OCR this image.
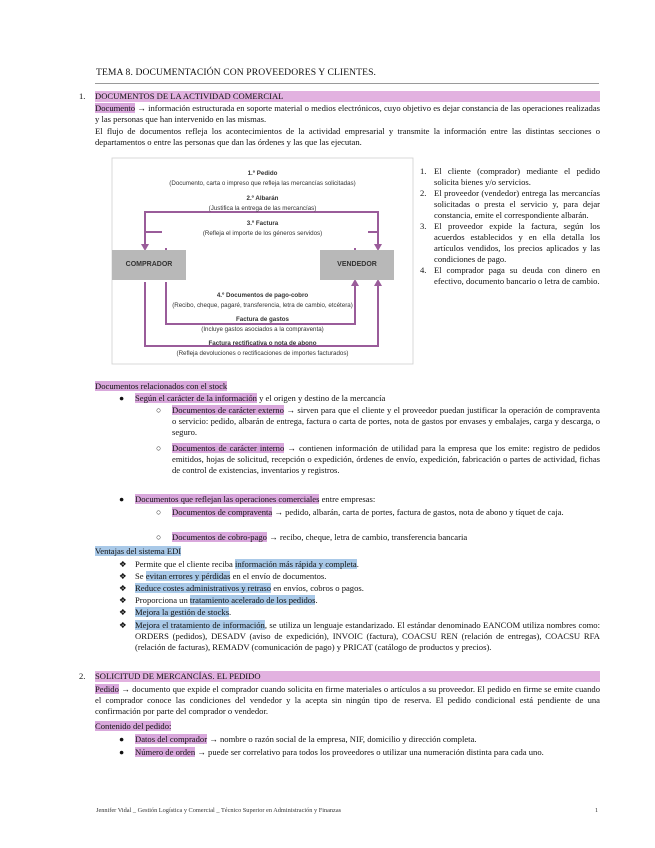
TEMA 8. DOCUMENTACIÓN CON PROVEEDORES Y CLIENTES.
1. DOCUMENTOS DE LA ACTIVIDAD COMERCIAL
Documento → información estructurada en soporte material o medios electrónicos, cuyo objetivo es dejar constancia de las operaciones realizadas y las personas que han intervenido en las mismas.
El flujo de documentos refleja los acontecimientos de la actividad empresarial y transmite la información entre las distintas secciones o departamentos o entre las personas que dan las órdenes y las que las ejecutan.
COMPRADOR	VENDEDOR
1.º Pedido
(Documento, carta o impreso que refleja las mercancías solicitadas)
2.º Albarán
(Justifica la entrega de las mercancías)
3.º Factura
(Refleja el importe de los géneros servidos)
4.º Documentos de pago-cobro
(Recibo, cheque, pagaré, transferencia, letra de cambio, etcétera)
Factura de gastos
(Incluye gastos asociados a la compraventa)
Factura rectificativa o nota de abono
(Refleja devoluciones o rectificaciones de importes facturados)
1. El cliente (comprador) mediante el pedido solicita bienes y/o servicios.
2. El proveedor (vendedor) entrega las mercancías solicitadas o presta el servicio y, para dejar constancia, emite el correspondiente albarán.
3. El proveedor expide la factura, según los acuerdos establecidos y en ella detalla los artículos vendidos, los precios aplicados y las condiciones de pago.
4. El comprador paga su deuda con dinero en efectivo, documento bancario o letra de cambio.
Documentos relacionados con el stock
● Según el carácter de la información y el origen y destino de la mercancía
○ Documentos de carácter externo → sirven para que el cliente y el proveedor puedan justificar la operación de compraventa o servicio: pedido, albarán de entrega, factura o carta de portes, nota de gastos por envases y embalajes, carga y descarga, o seguro.
○ Documentos de carácter interno → contienen información de utilidad para la empresa que los emite: registro de pedidos emitidos, hojas de solicitud, recepción o expedición, órdenes de envío, expedición, fabricación o partes de actividad, fichas de control de existencias, inventarios y registros.
● Documentos que reflejan las operaciones comerciales entre empresas:
○ Documentos de compraventa → pedido, albarán, carta de portes, factura de gastos, nota de abono y tíquet de caja.
○ Documentos de cobro-pago → recibo, cheque, letra de cambio, transferencia bancaria
Ventajas del sistema EDI
❖ Permite que el cliente reciba información más rápida y completa.
❖ Se evitan errores y pérdidas en el envío de documentos.
❖ Reduce costes administrativos y retraso en envíos, cobros o pagos.
❖ Proporciona un tratamiento acelerado de los pedidos.
❖ Mejora la gestión de stocks.
❖ Mejora el tratamiento de información, se utiliza un lenguaje estandarizado. El estándar denominado EANCOM utiliza nombres como: ORDERS (pedidos), DESADV (aviso de expedición), INVOIC (factura), COACSU REN (relación de entregas), COACSU RFA (relación de facturas), REMADV (comunicación de pago) y PRICAT (catálogo de productos y precios).
2. SOLICITUD DE MERCANCÍAS. EL PEDIDO
Pedido → documento que expide el comprador cuando solicita en firme materiales o artículos a su proveedor. El pedido en firme se emite cuando el comprador conoce las condiciones del vendedor y la acepta sin ningún tipo de reserva. El pedido condicional está pendiente de una confirmación por parte del comprador o vendedor.
Contenido del pedido:
● Datos del comprador → nombre o razón social de la empresa, NIF, domicilio y dirección completa.
● Número de orden → puede ser correlativo para todos los proveedores o utilizar una numeración distinta para cada uno.
Jennifer Vidal _ Gestión Logística y Comercial _ Técnico Superior en Administración y Finanzas	1
